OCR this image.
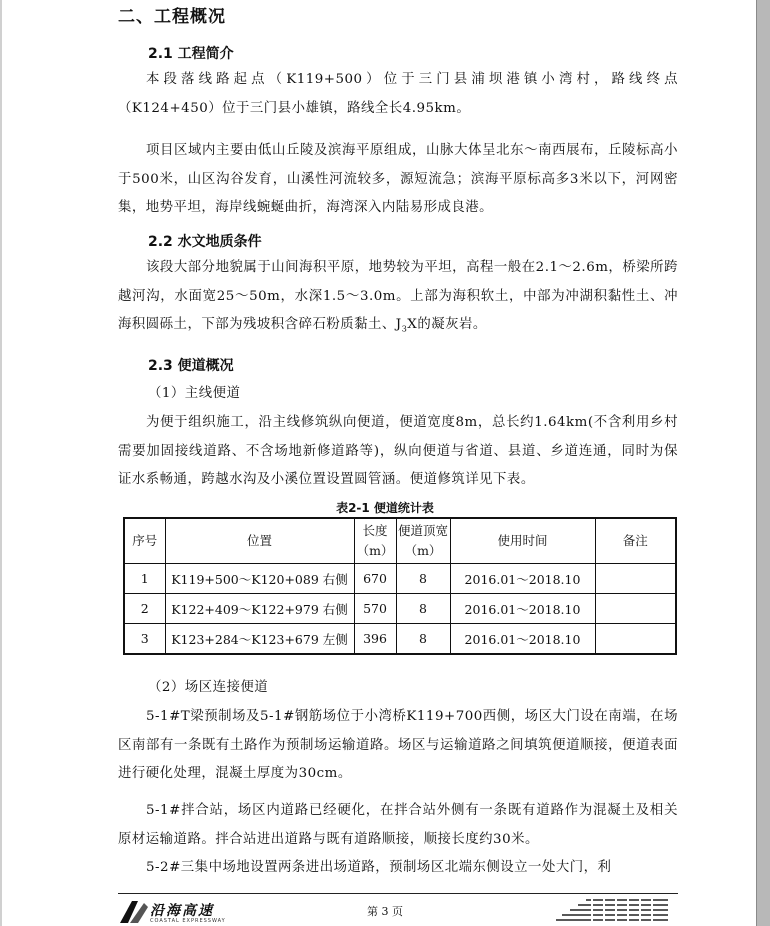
二、工程概况
2.1 工程简介

本段落线路起点（K119+500）位于三门县浦坝港镇小湾村，路线终点（K124+450）位于三门县小雄镇，路线全长4.95km。

项目区域内主要由低山丘陵及滨海平原组成，山脉大体呈北东～南西展布，丘陵标高小于500米，山区沟谷发育，山溪性河流较多，源短流急；滨海平原标高多3米以下，河网密集，地势平坦，海岸线蜿蜒曲折，海湾深入内陆易形成良港。

2.2 水文地质条件

该段大部分地貌属于山间海积平原，地势较为平坦，高程一般在2.1～2.6m，桥梁所跨越河沟，水面宽25～50m，水深1.5～3.0m。上部为海积软土，中部为冲湖积黏性土、冲海积圆砾土，下部为残坡积含碎石粉质黏土、$J_3X$的凝灰岩。

2.3 便道概况
（1）主线便道

为便于组织施工，沿主线修筑纵向便道，便道宽度8m，总长约1.64km(不含利用乡村需要加固接线道路、不含场地新修道路等)，纵向便道与省道、县道、乡道连通，同时为保证水系畅通，跨越水沟及小溪位置设置圆管涵。便道修筑详见下表。

表2-1 便道统计表
序号	位置	长度（m）	便道顶宽（m）	使用时间	备注
1	K119+500～K120+089 右侧	670	8	2016.01～2018.10	
2	K122+409～K122+979 右侧	570	8	2016.01～2018.10	
3	K123+284～K123+679 左侧	396	8	2016.01～2018.10	
（2）场区连接便道

5-1#T梁预制场及5-1#钢筋场位于小湾桥K119+700西侧，场区大门设在南端，在场区南部有一条既有土路作为预制场运输道路。场区与运输道路之间填筑便道顺接，便道表面进行硬化处理，混凝土厚度为30cm。

5-1#拌合站，场区内道路已经硬化，在拌合站外侧有一条既有道路作为混凝土及相关原材运输道路。拌合站进出道路与既有道路顺接，顺接长度约30米。

5-2#三集中场地设置两条进出场道路，预制场区北端东侧设立一处大门，利

沿海高速
COASTAL EXPRESSWAY
第 3 页
